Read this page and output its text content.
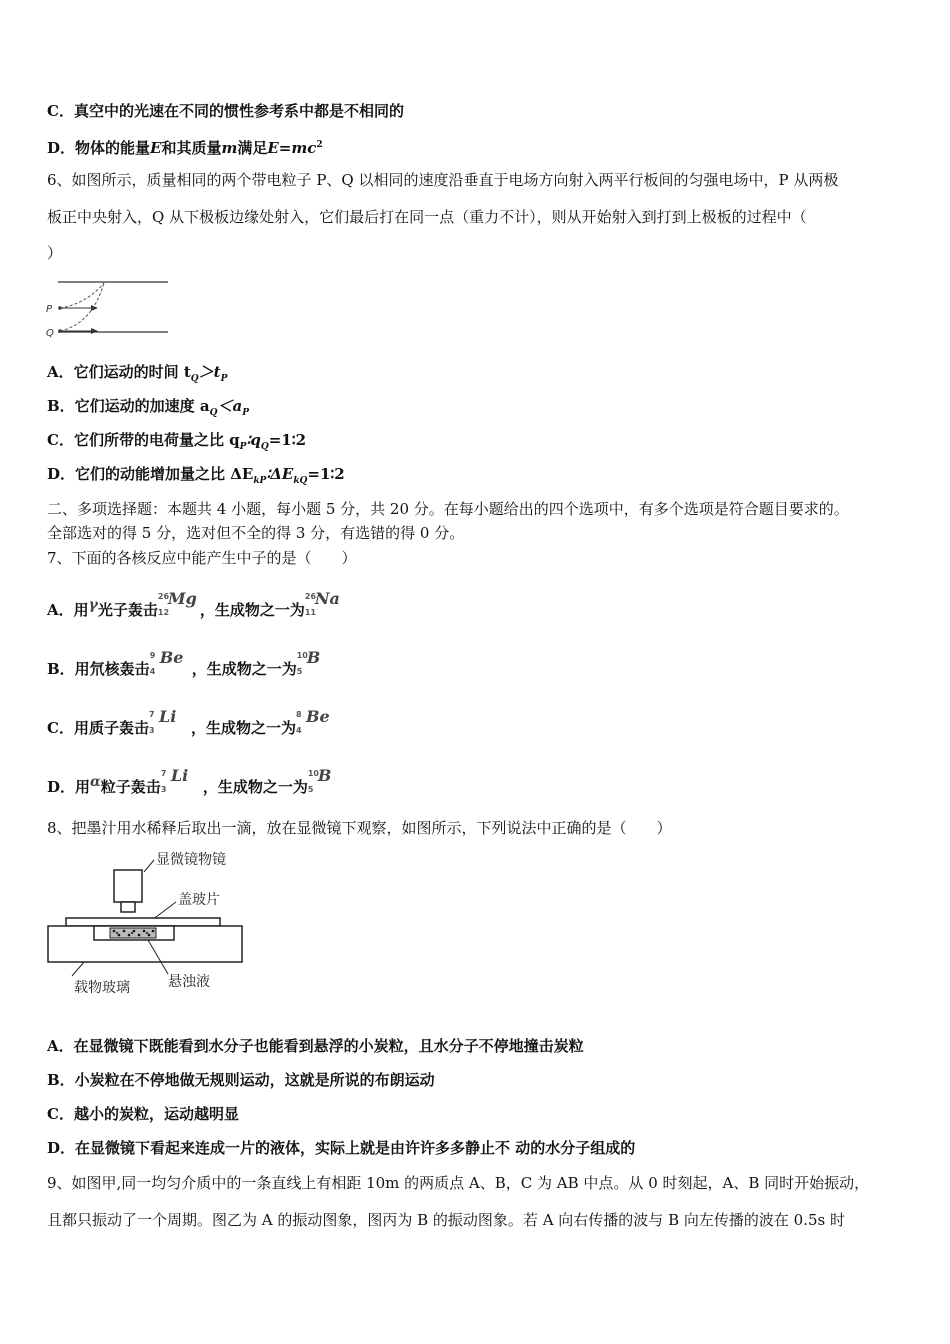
C．真空中的光速在不同的惯性参考系中都是不相同的
D．物体的能量E和其质量m满足$E=mc^2$
6、如图所示，质量相同的两个带电粒子 P、Q 以相同的速度沿垂直于电场方向射入两平行板间的匀强电场中，P 从两极
板正中央射入，Q 从下极板边缘处射入，它们最后打在同一点（重力不计），则从开始射入到打到上极板的过程中（
）
P
Q
A．它们运动的时间 $t_Q>t_P$
B．它们运动的加速度 $a_Q<a_P$
C．它们所带的电荷量之比 $q_P∶q_Q=1∶2$
D．它们的动能增加量之比 $\Delta E_{kP}∶\Delta E_{kQ}=1∶2$
二、多项选择题：本题共 4 小题，每小题 5 分，共 20 分。在每小题给出的四个选项中，有多个选项是符合题目要求的。
全部选对的得 5 分，选对但不全的得 3 分，有选错的得 0 分。
7、下面的各核反应中能产生中子的是（　　）
A．用γ光子轰击
26
12
Mg
，生成物之一为
26
11
Na
B．用氘核轰击
9
4
Be
，生成物之一为
10
5
B
C．用质子轰击
7
3
Li
，生成物之一为
8
4
Be
D．用α粒子轰击
7
3
Li
，生成物之一为
10
5
B
8、把墨汁用水稀释后取出一滴，放在显微镜下观察，如图所示，下列说法中正确的是（　　）
显微镜物镜
盖玻片
载物玻璃	悬浊液
A．在显微镜下既能看到水分子也能看到悬浮的小炭粒，且水分子不停地撞击炭粒
B．小炭粒在不停地做无规则运动，这就是所说的布朗运动
C．越小的炭粒，运动越明显
D．在显微镜下看起来连成一片的液体，实际上就是由许许多多静止不 动的水分子组成的
9、如图甲,同一均匀介质中的一条直线上有相距 10m 的两质点 A、B，C 为 AB 中点。从 0 时刻起，A、B 同时开始振动，
且都只振动了一个周期。图乙为 A 的振动图象，图丙为 B 的振动图象。若 A 向右传播的波与 B 向左传播的波在 0.5s 时
